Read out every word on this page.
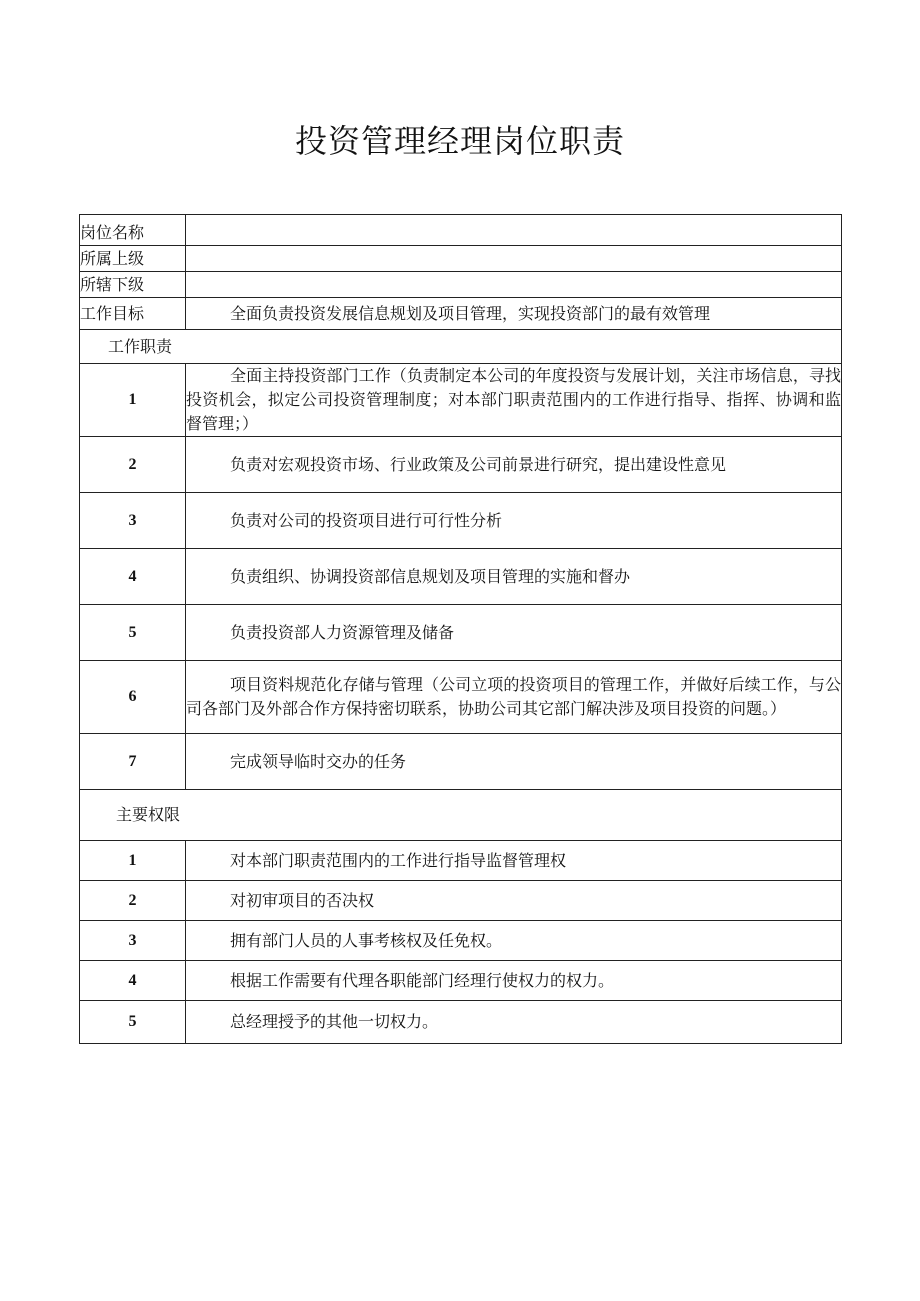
投资管理经理岗位职责
岗位名称	
所属上级	
所辖下级	
工作目标	全面负责投资发展信息规划及项目管理，实现投资部门的最有效管理

工作职责	
1	全面主持投资部门工作（负责制定本公司的年度投资与发展计划，关注市场信息，寻找投资机会，拟定公司投资管理制度；对本部门职责范围内的工作进行指导、指挥、协调和监督管理；）

2	负责对宏观投资市场、行业政策及公司前景进行研究，提出建设性意见

3	负责对公司的投资项目进行可行性分析

4	负责组织、协调投资部信息规划及项目管理的实施和督办

5	负责投资部人力资源管理及储备

6	项目资料规范化存储与管理（公司立项的投资项目的管理工作，并做好后续工作，与公司各部门及外部合作方保持密切联系，协助公司其它部门解决涉及项目投资的问题。）

7	完成领导临时交办的任务

主要权限	
1	对本部门职责范围内的工作进行指导监督管理权

2	对初审项目的否决权

3	拥有部门人员的人事考核权及任免权。

4	根据工作需要有代理各职能部门经理行使权力的权力。

5	总经理授予的其他一切权力。
